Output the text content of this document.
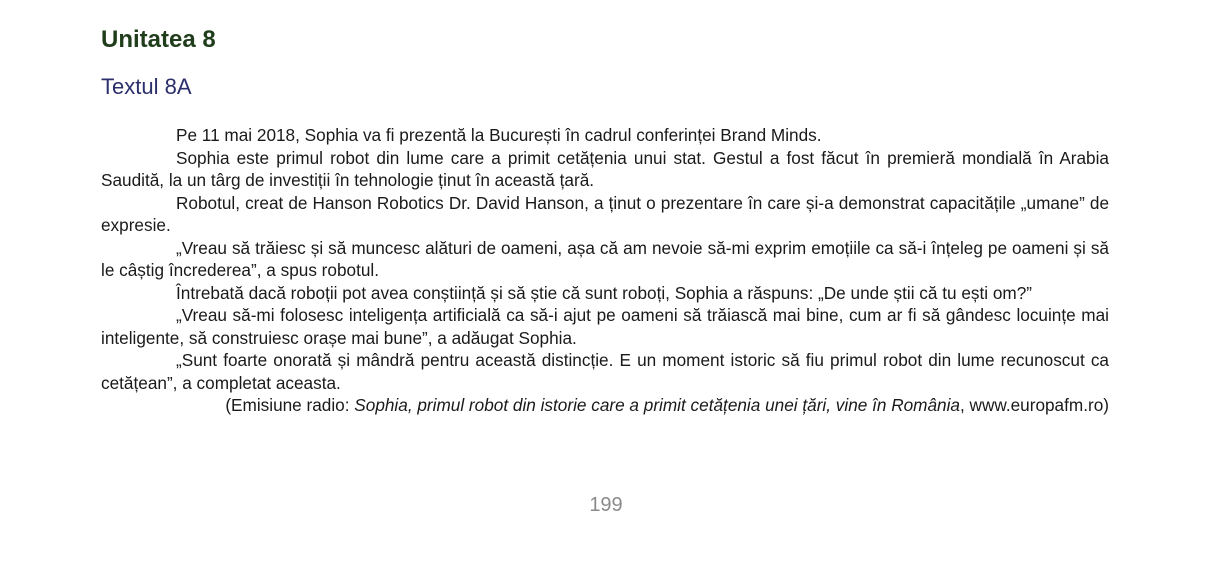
Unitatea 8
Textul 8A

Pe 11 mai 2018, Sophia va fi prezentă la București în cadrul conferinței Brand Minds.

Sophia este primul robot din lume care a primit cetățenia unui stat. Gestul a fost făcut în premieră mondială în Arabia Saudită, la un târg de investiții în tehnologie ținut în această țară.

Robotul, creat de Hanson Robotics Dr. David Hanson, a ținut o prezentare în care și-a demonstrat capacitățile „umane” de expresie.

„Vreau să trăiesc și să muncesc alături de oameni, așa că am nevoie să-mi exprim emoțiile ca să-i înțeleg pe oameni și să le câștig încrederea”, a spus robotul.

Întrebată dacă roboții pot avea conștiință și să știe că sunt roboți, Sophia a răspuns: „De unde știi că tu ești om?”

„Vreau să-mi folosesc inteligența artificială ca să-i ajut pe oameni să trăiască mai bine, cum ar fi să gândesc locuințe mai inteligente, să construiesc orașe mai bune”, a adăugat Sophia.

„Sunt foarte onorată și mândră pentru această distincție. E un moment istoric să fiu primul robot din lume recunoscut ca cetățean”, a completat aceasta.

(Emisiune radio: Sophia, primul robot din istorie care a primit cetățenia unei țări, vine în România, www.europafm.ro)

199
